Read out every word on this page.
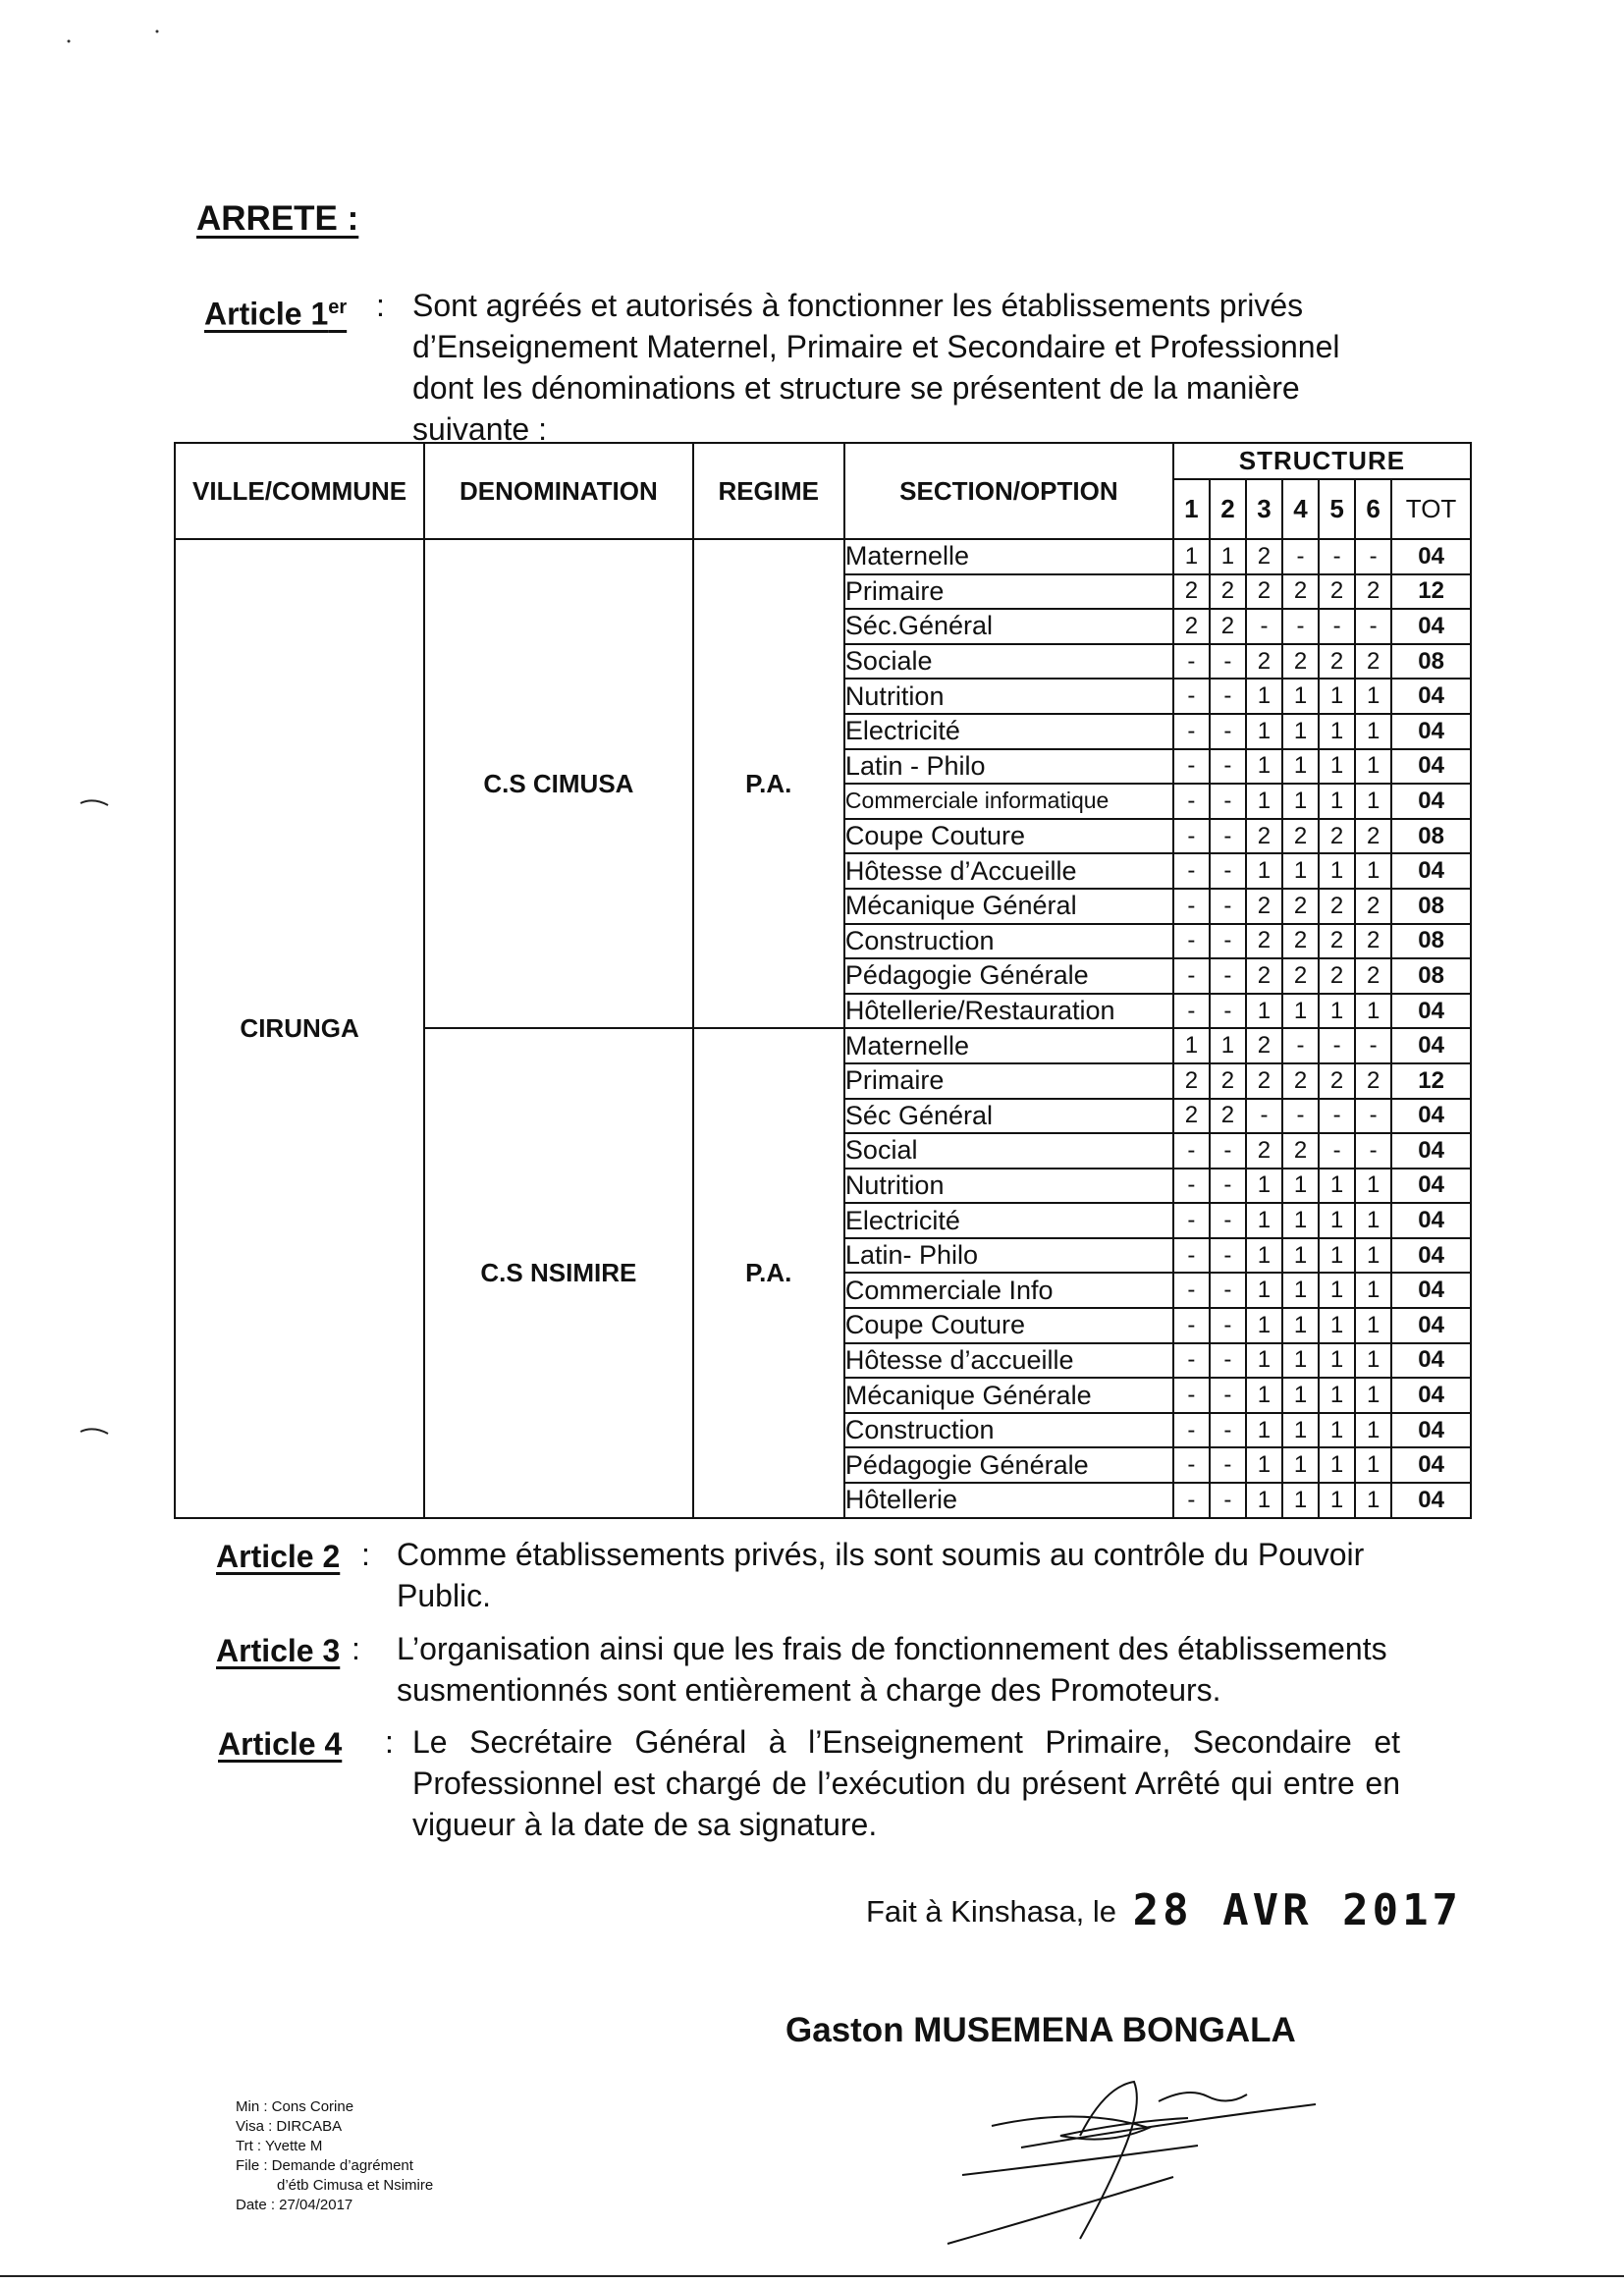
ARRETE :
Article 1er : Sont agréés et autorisés à fonctionner les établissements privés d’Enseignement Maternel, Primaire et Secondaire et Professionnel dont les dénominations et structure se présentent de la manière suivante :
VILLE/COMMUNE	DENOMINATION	REGIME	SECTION/OPTION	STRUCTURE						
				1	2	3	4	5	6	TOT
CIRUNGA	C.S CIMUSA	P.A.	Maternelle	1	1	2	-	-	-	04
			Primaire	2	2	2	2	2	2	12
			Séc.Général	2	2	-	-	-	-	04
			Sociale	-	-	2	2	2	2	08
			Nutrition	-	-	1	1	1	1	04
			Electricité	-	-	1	1	1	1	04
			Latin - Philo	-	-	1	1	1	1	04
			Commerciale informatique	-	-	1	1	1	1	04
			Coupe Couture	-	-	2	2	2	2	08
			Hôtesse d’Accueille	-	-	1	1	1	1	04
			Mécanique Général	-	-	2	2	2	2	08
			Construction	-	-	2	2	2	2	08
			Pédagogie Générale	-	-	2	2	2	2	08
			Hôtellerie/Restauration	-	-	1	1	1	1	04
	C.S NSIMIRE	P.A.	Maternelle	1	1	2	-	-	-	04
			Primaire	2	2	2	2	2	2	12
			Séc Général	2	2	-	-	-	-	04
			Social	-	-	2	2	-	-	04
			Nutrition	-	-	1	1	1	1	04
			Electricité	-	-	1	1	1	1	04
			Latin- Philo	-	-	1	1	1	1	04
			Commerciale Info	-	-	1	1	1	1	04
			Coupe Couture	-	-	1	1	1	1	04
			Hôtesse d’accueille	-	-	1	1	1	1	04
			Mécanique Générale	-	-	1	1	1	1	04
			Construction	-	-	1	1	1	1	04
			Pédagogie Générale	-	-	1	1	1	1	04
			Hôtellerie	-	-	1	1	1	1	04
Article 2 : Comme établissements privés, ils sont soumis au contrôle du Pouvoir Public.
Article 3 : L’organisation ainsi que les frais de fonctionnement des établissements susmentionnés sont entièrement à charge des Promoteurs.
Article 4 : Le Secrétaire Général à l’Enseignement Primaire, Secondaire et Professionnel est chargé de l’exécution du présent Arrêté qui entre en vigueur à la date de sa signature.
Fait à Kinshasa, le 28 AVR 2017
Gaston MUSEMENA BONGALA
Min : Cons Corine
Visa : DIRCABA
Trt : Yvette M
File : Demande d’agrément
d’étb Cimusa et Nsimire
Date : 27/04/2017
